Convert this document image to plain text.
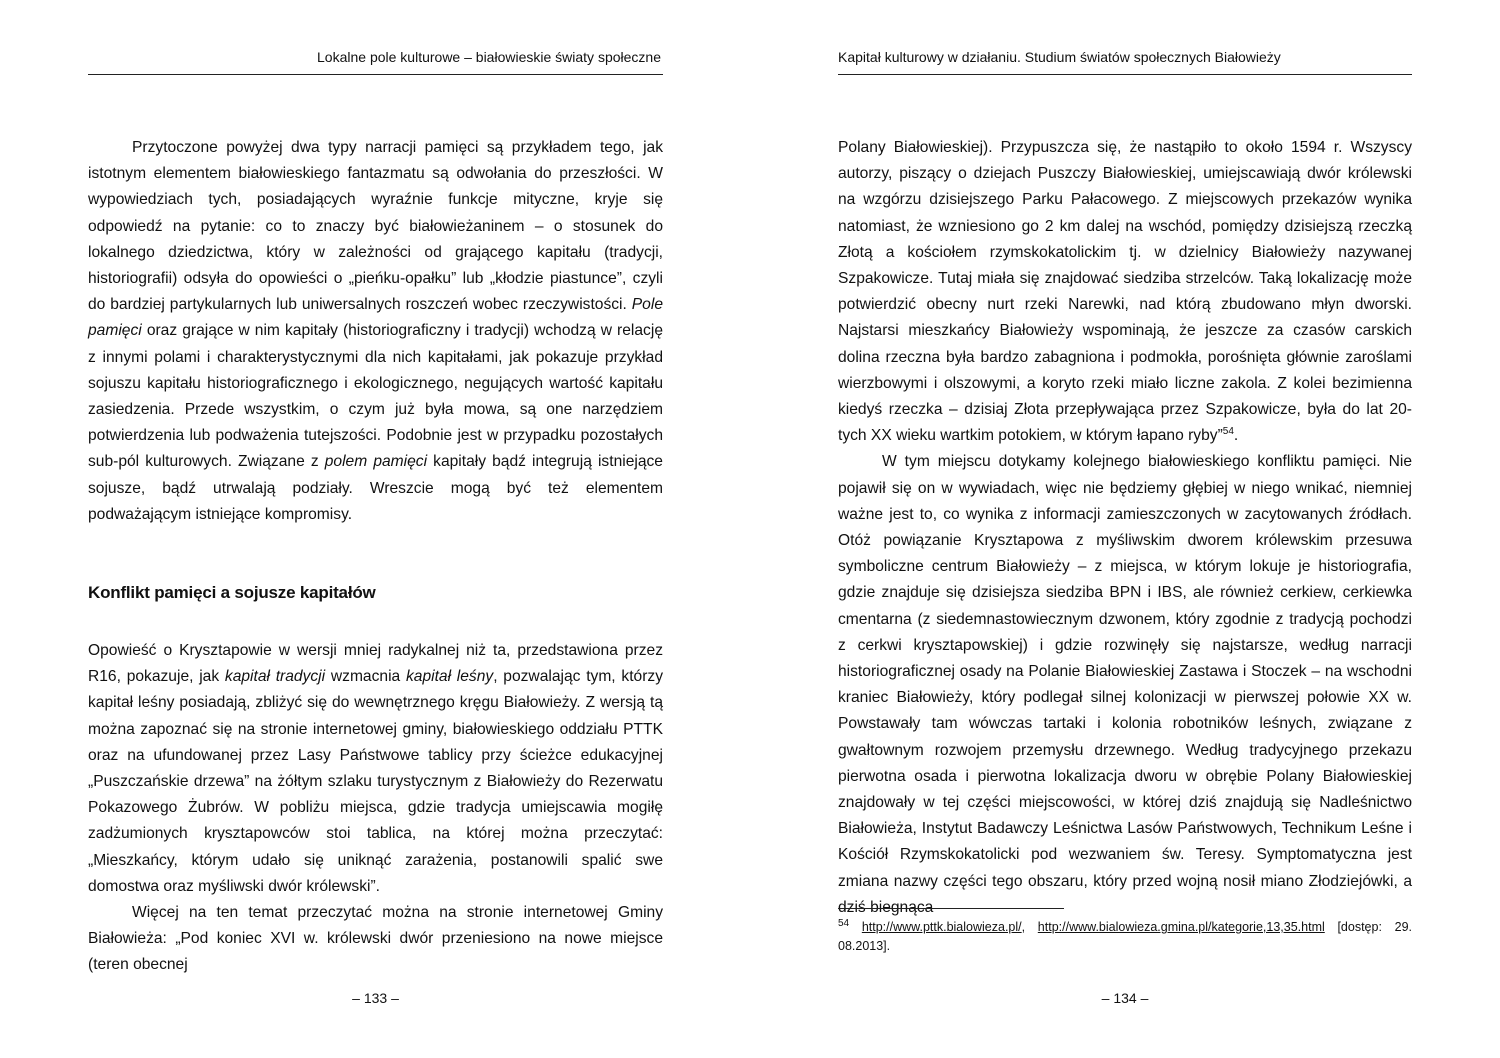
Lokalne pole kulturowe – białowieskie światy społeczne

Przytoczone powyżej dwa typy narracji pamięci są przykładem tego, jak istotnym elementem białowieskiego fantazmatu są odwołania do przeszłości. W wypowiedziach tych, posiadających wyraźnie funkcje mityczne, kryje się odpowiedź na pytanie: co to znaczy być białowieżaninem – o stosunek do lokalnego dziedzictwa, który w zależności od grającego kapitału (tradycji, historiografii) odsyła do opowieści o „pieńku-opałku” lub „kłodzie piastunce”, czyli do bardziej partykularnych lub uniwersalnych roszczeń wobec rzeczywistości. Pole pamięci oraz grające w nim kapitały (historiograficzny i tradycji) wchodzą w relację z innymi polami i charakterystycznymi dla nich kapitałami, jak pokazuje przykład sojuszu kapitału historiograficznego i ekologicznego, negujących wartość kapitału zasiedzenia. Przede wszystkim, o czym już była mowa, są one narzędziem potwierdzenia lub podważenia tutejszości. Podobnie jest w przypadku pozostałych sub-pól kulturowych. Związane z polem pamięci kapitały bądź integrują istniejące sojusze, bądź utrwalają podziały. Wreszcie mogą być też elementem podważającym istniejące kompromisy.

Konflikt pamięci a sojusze kapitałów

Opowieść o Krysztapowie w wersji mniej radykalnej niż ta, przedstawiona przez R16, pokazuje, jak kapitał tradycji wzmacnia kapitał leśny, pozwalając tym, którzy kapitał leśny posiadają, zbliżyć się do wewnętrznego kręgu Białowieży. Z wersją tą można zapoznać się na stronie internetowej gminy, białowieskiego oddziału PTTK oraz na ufundowanej przez Lasy Państwowe tablicy przy ścieżce edukacyjnej „Puszczańskie drzewa” na żółtym szlaku turystycznym z Białowieży do Rezerwatu Pokazowego Żubrów. W pobliżu miejsca, gdzie tradycja umiejscawia mogiłę zadżumionych krysztapowców stoi tablica, na której można przeczytać: „Mieszkańcy, którym udało się uniknąć zarażenia, postanowili spalić swe domostwa oraz myśliwski dwór królewski”.

Więcej na ten temat przeczytać można na stronie internetowej Gminy Białowieża: „Pod koniec XVI w. królewski dwór przeniesiono na nowe miejsce (teren obecnej

– 133 –
Kapitał kulturowy w działaniu. Studium światów społecznych Białowieży

Polany Białowieskiej). Przypuszcza się, że nastąpiło to około 1594 r. Wszyscy autorzy, piszący o dziejach Puszczy Białowieskiej, umiejscawiają dwór królewski na wzgórzu dzisiejszego Parku Pałacowego. Z miejscowych przekazów wynika natomiast, że wzniesiono go 2 km dalej na wschód, pomiędzy dzisiejszą rzeczką Złotą a kościołem rzymskokatolickim tj. w dzielnicy Białowieży nazywanej Szpakowicze. Tutaj miała się znajdować siedziba strzelców. Taką lokalizację może potwierdzić obecny nurt rzeki Narewki, nad którą zbudowano młyn dworski. Najstarsi mieszkańcy Białowieży wspominają, że jeszcze za czasów carskich dolina rzeczna była bardzo zabagniona i podmokła, porośnięta głównie zaroślami wierzbowymi i olszowymi, a koryto rzeki miało liczne zakola. Z kolei bezimienna kiedyś rzeczka – dzisiaj Złota przepływająca przez Szpakowicze, była do lat 20-tych XX wieku wartkim potokiem, w którym łapano ryby”$^{54}$.

W tym miejscu dotykamy kolejnego białowieskiego konfliktu pamięci. Nie pojawił się on w wywiadach, więc nie będziemy głębiej w niego wnikać, niemniej ważne jest to, co wynika z informacji zamieszczonych w zacytowanych źródłach. Otóż powiązanie Krysztapowa z myśliwskim dworem królewskim przesuwa symboliczne centrum Białowieży – z miejsca, w którym lokuje je historiografia, gdzie znajduje się dzisiejsza siedziba BPN i IBS, ale również cerkiew, cerkiewka cmentarna (z siedemnastowiecznym dzwonem, który zgodnie z tradycją pochodzi z cerkwi krysztapowskiej) i gdzie rozwinęły się najstarsze, według narracji historiograficznej osady na Polanie Białowieskiej Zastawa i Stoczek – na wschodni kraniec Białowieży, który podlegał silnej kolonizacji w pierwszej połowie XX w. Powstawały tam wówczas tartaki i kolonia robotników leśnych, związane z gwałtownym rozwojem przemysłu drzewnego. Według tradycyjnego przekazu pierwotna osada i pierwotna lokalizacja dworu w obrębie Polany Białowieskiej znajdowały w tej części miejscowości, w której dziś znajdują się Nadleśnictwo Białowieża, Instytut Badawczy Leśnictwa Lasów Państwowych, Technikum Leśne i Kościół Rzymskokatolicki pod wezwaniem św. Teresy. Symptomatyczna jest zmiana nazwy części tego obszaru, który przed wojną nosił miano Złodziejówki, a dziś biegnąca

$^{54}$ http://www.pttk.bialowieza.pl/, http://www.bialowieza.gmina.pl/kategorie,13,35.html [dostęp: 29. 08.2013].
– 134 –
